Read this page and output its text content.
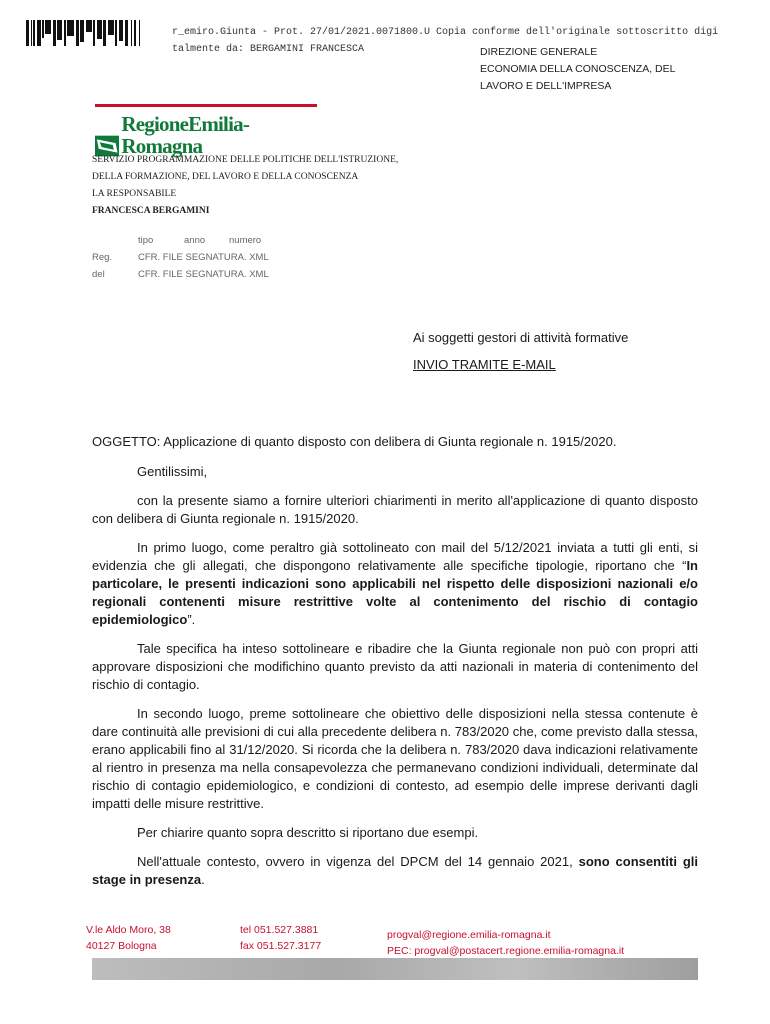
r_emiro.Giunta - Prot. 27/01/2021.0071800.U Copia conforme dell'originale sottoscritto digi
talmente da: BERGAMINI FRANCESCA	DIREZIONE GENERALE
ECONOMIA DELLA CONOSCENZA, DEL
LAVORO E DELL'IMPRESA
RegioneEmilia-Romagna
SERVIZIO PROGRAMMAZIONE DELLE POLITICHE DELL'ISTRUZIONE,
DELLA FORMAZIONE, DEL LAVORO E DELLA CONOSCENZA
LA RESPONSABILE
FRANCESCA BERGAMINI
tipo	anno	numero
Reg.	CFR. FILE SEGNATURA. XML
del	CFR. FILE SEGNATURA. XML
Ai soggetti gestori di attività formative
INVIO TRAMITE E-MAIL

OGGETTO: Applicazione di quanto disposto con delibera di Giunta regionale n. 1915/2020.

Gentilissimi,

con la presente siamo a fornire ulteriori chiarimenti in merito all'applicazione di quanto disposto con delibera di Giunta regionale n. 1915/2020.

In primo luogo, come peraltro già sottolineato con mail del 5/12/2021 inviata a tutti gli enti, si evidenzia che gli allegati, che dispongono relativamente alle specifiche tipologie, riportano che “In particolare, le presenti indicazioni sono applicabili nel rispetto delle disposizioni nazionali e/o regionali contenenti misure restrittive volte al contenimento del rischio di contagio epidemiologico”.

Tale specifica ha inteso sottolineare e ribadire che la Giunta regionale non può con propri atti approvare disposizioni che modifichino quanto previsto da atti nazionali in materia di contenimento del rischio di contagio.

In secondo luogo, preme sottolineare che obiettivo delle disposizioni nella stessa contenute è dare continuità alle previsioni di cui alla precedente delibera n. 783/2020 che, come previsto dalla stessa, erano applicabili fino al 31/12/2020. Si ricorda che la delibera n. 783/2020 dava indicazioni relativamente al rientro in presenza ma nella consapevolezza che permanevano condizioni individuali, determinate dal rischio di contagio epidemiologico, e condizioni di contesto, ad esempio delle imprese derivanti dagli impatti delle misure restrittive.

Per chiarire quanto sopra descritto si riportano due esempi.

Nell'attuale contesto, ovvero in vigenza del DPCM del 14 gennaio 2021, sono consentiti gli stage in presenza.

V.le Aldo Moro, 38
40127 Bologna
tel 051.527.3881
fax 051.527.3177
progval@regione.emilia-romagna.it
PEC: progval@postacert.regione.emilia-romagna.it
